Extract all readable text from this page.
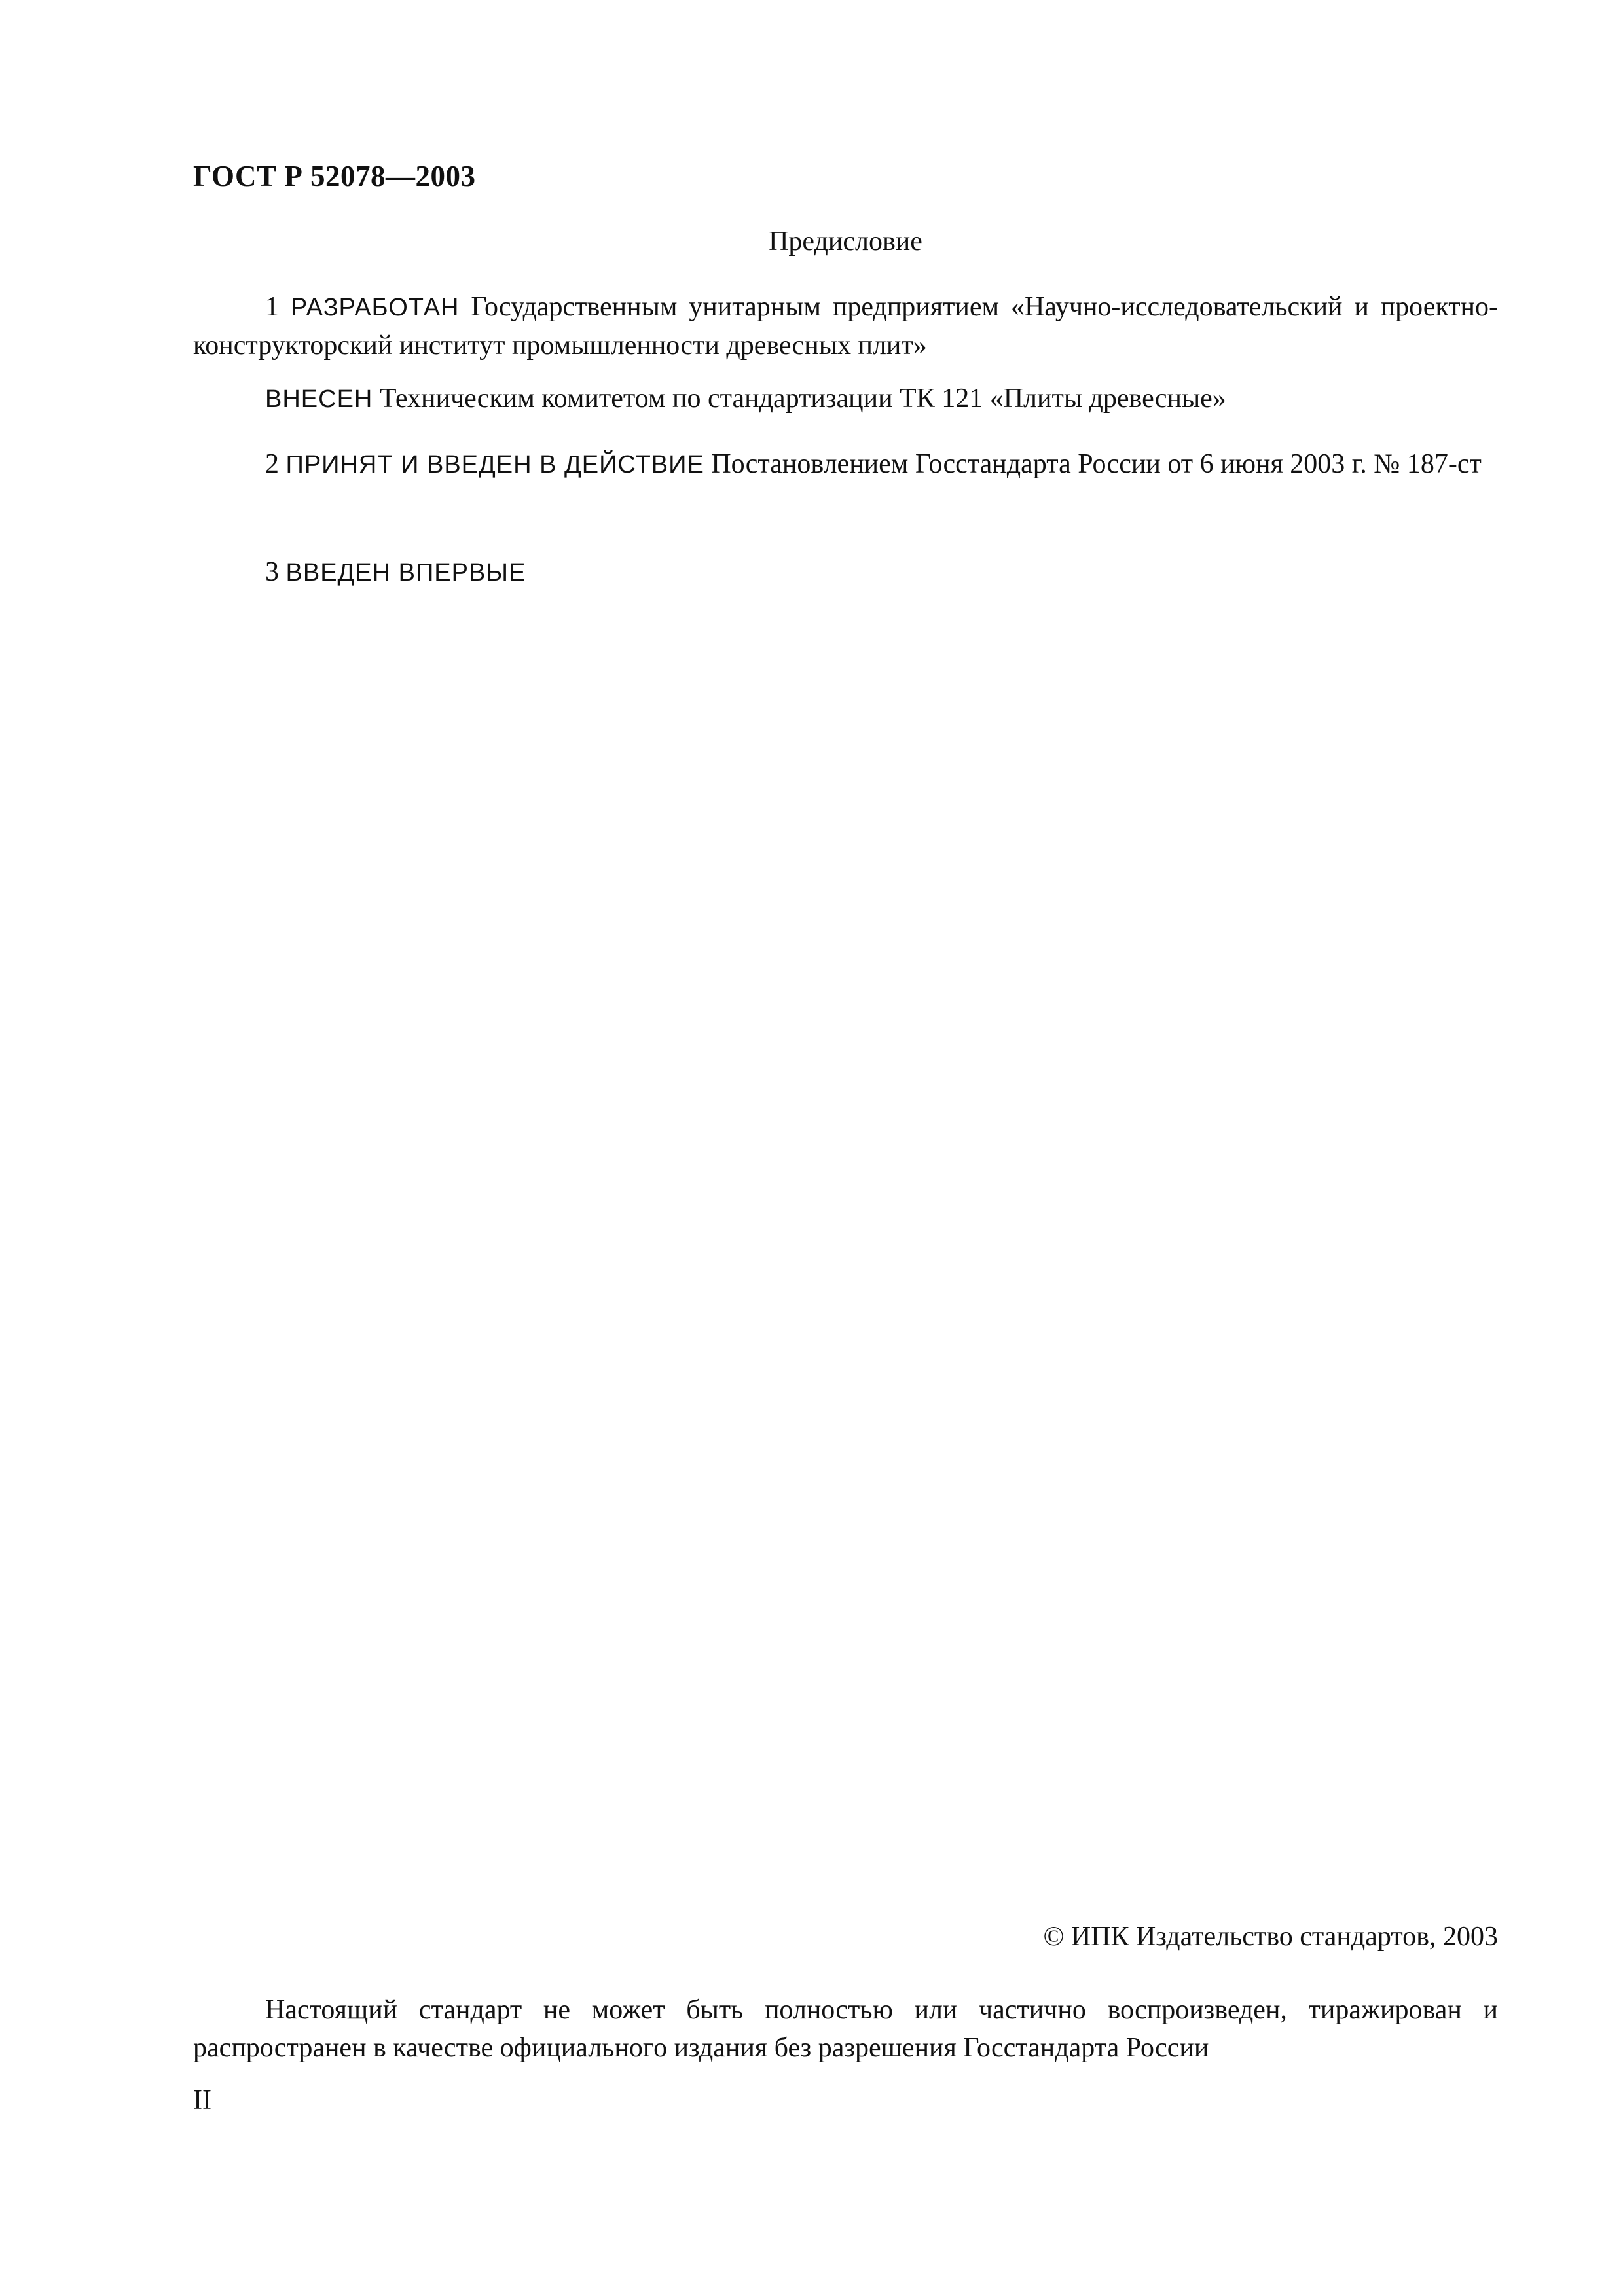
ГОСТ Р 52078—2003
Предисловие
1 РАЗРАБОТАН Государственным унитарным предприятием «Научно-исследовательский и проектно-конструкторский институт промышленности древесных плит»
ВНЕСЕН Техническим комитетом по стандартизации ТК 121 «Плиты древесные»
2 ПРИНЯТ И ВВЕДЕН В ДЕЙСТВИЕ Постановлением Госстандарта России от 6 июня 2003 г. № 187-ст
3 ВВЕДЕН ВПЕРВЫЕ
© ИПК Издательство стандартов, 2003
Настоящий стандарт не может быть полностью или частично воспроизведен, тиражирован и распространен в качестве официального издания без разрешения Госстандарта России
II
